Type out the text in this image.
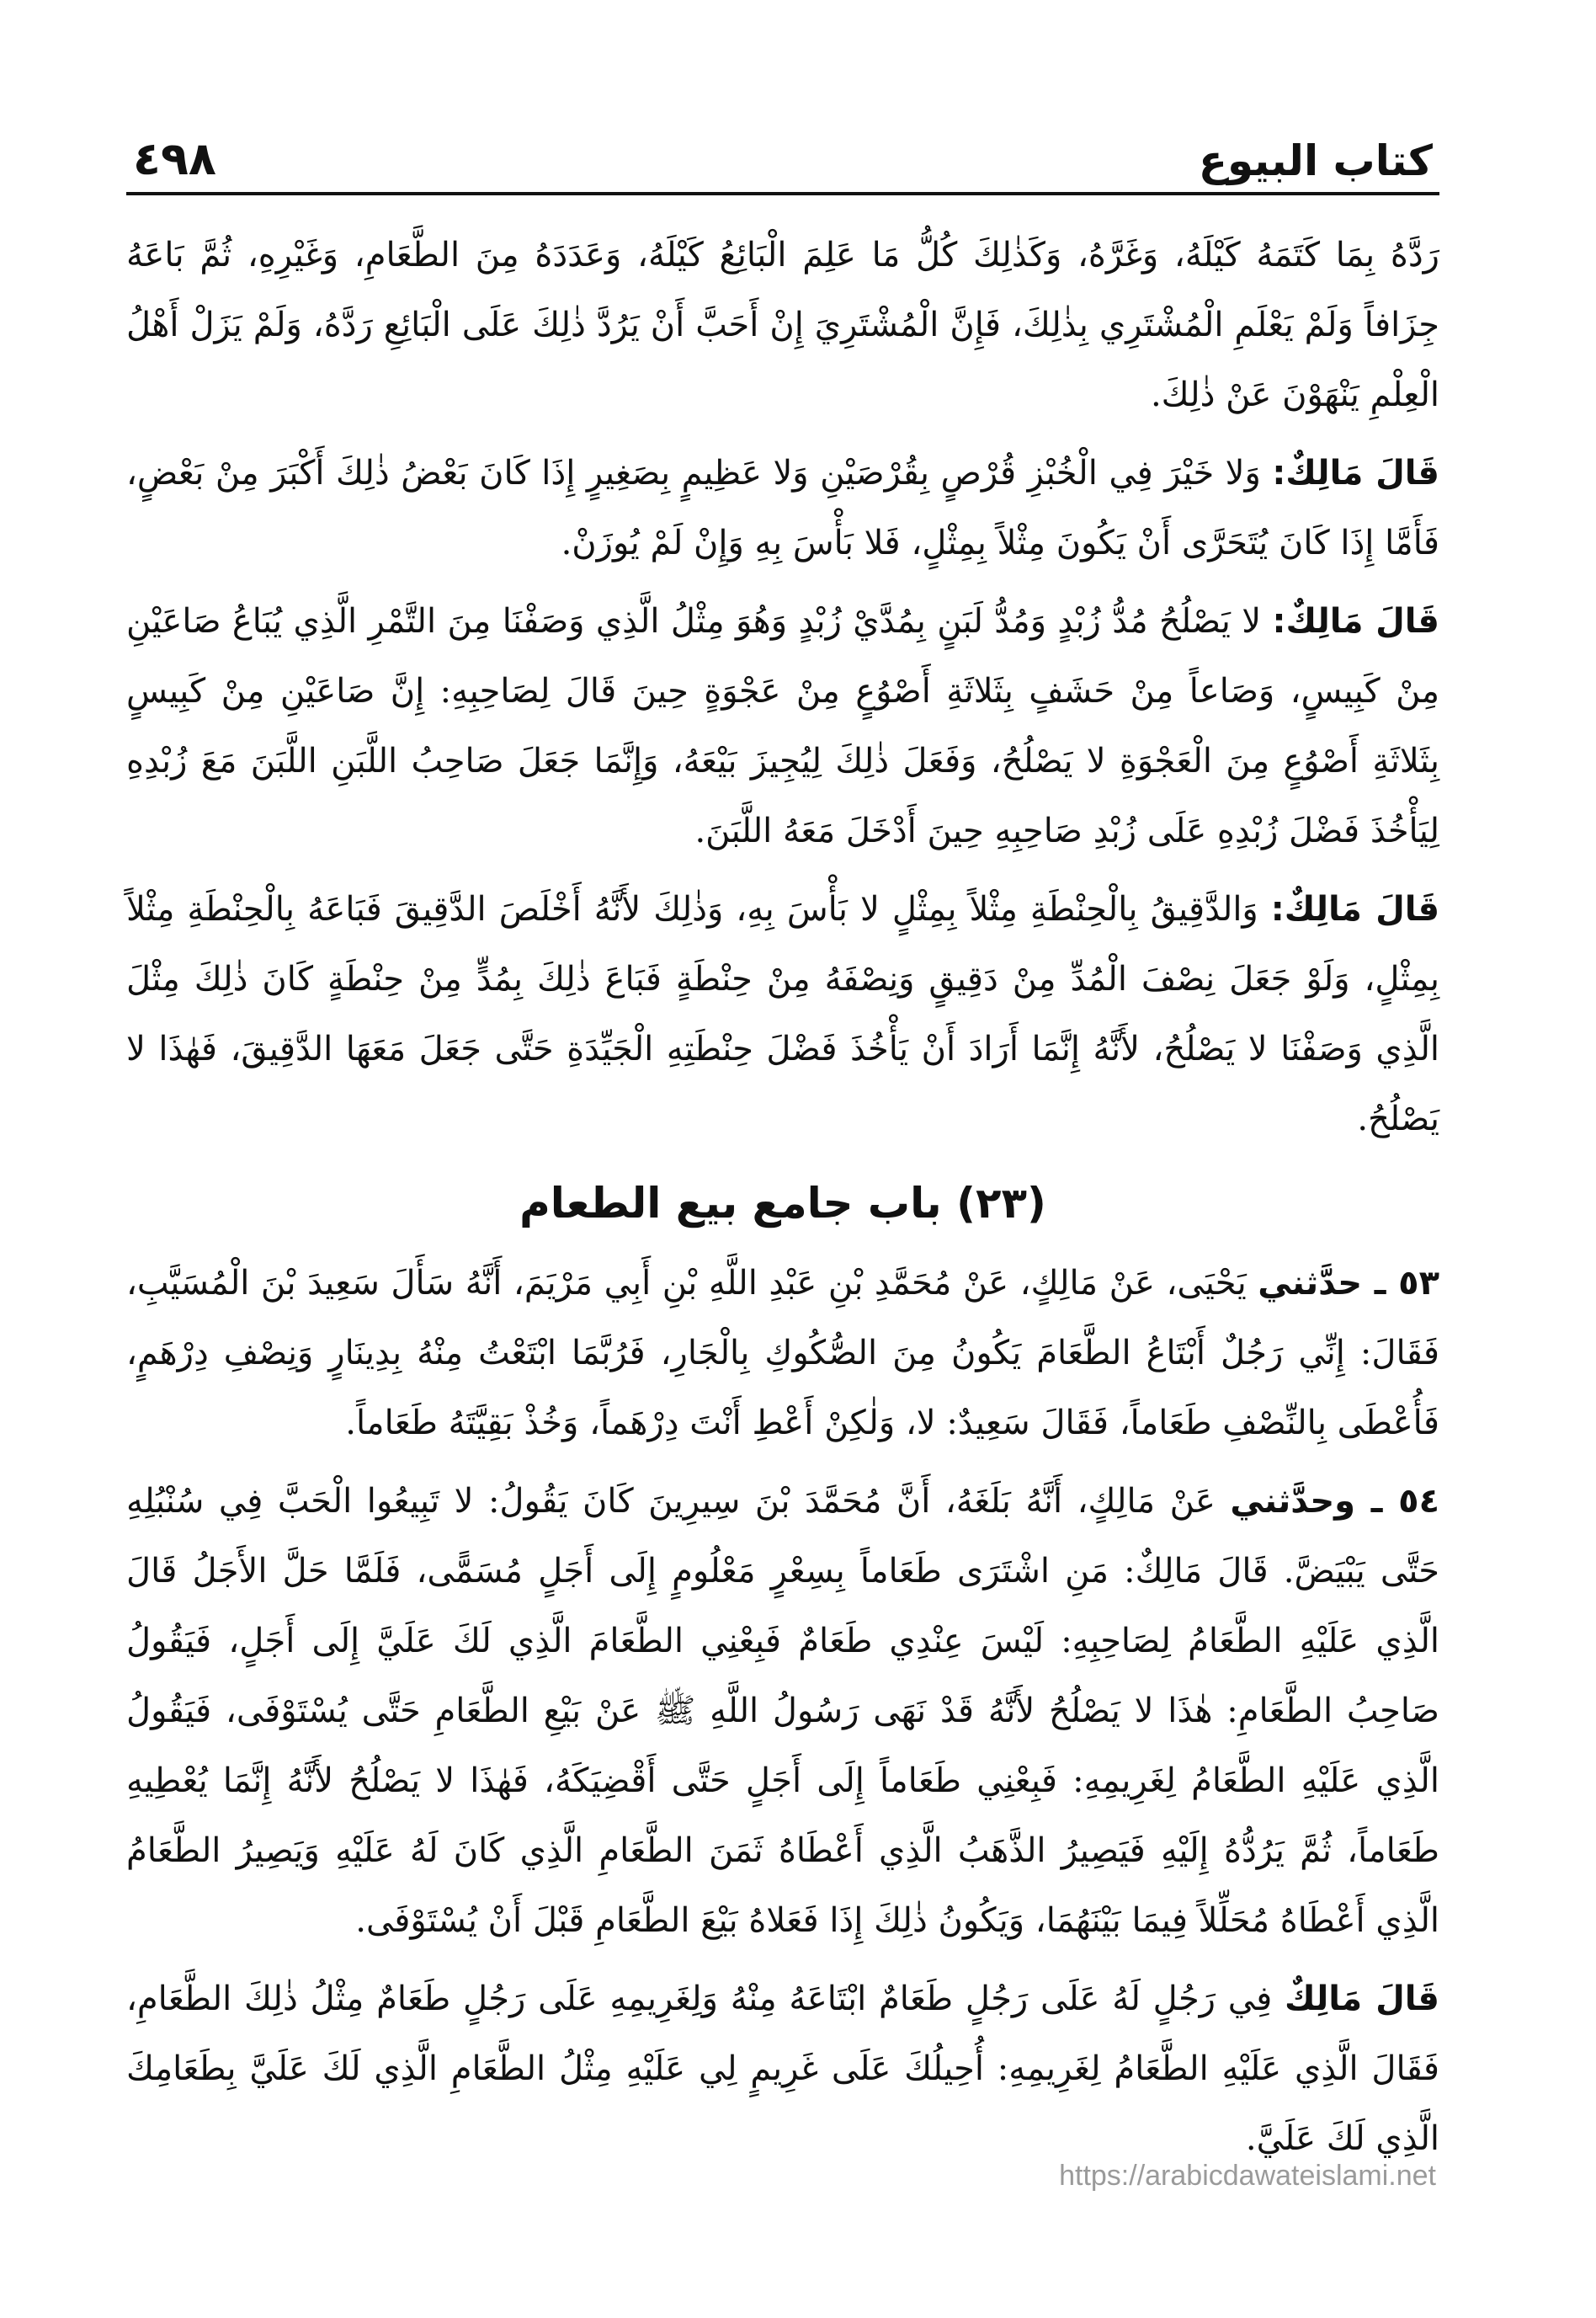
كتاب البيوع
٤٩٨

رَدَّهُ بِمَا كَتَمَهُ كَيْلَهُ، وَغَرَّهُ، وَكَذٰلِكَ كُلُّ مَا عَلِمَ الْبَائِعُ كَيْلَهُ، وَعَدَدَهُ مِنَ الطَّعَامِ، وَغَيْرِهِ، ثُمَّ بَاعَهُ جِزَافاً وَلَمْ يَعْلَمِ الْمُشْتَرِي بِذٰلِكَ، فَإِنَّ الْمُشْتَرِيَ إِنْ أَحَبَّ أَنْ يَرُدَّ ذٰلِكَ عَلَى الْبَائِعِ رَدَّهُ، وَلَمْ يَزَلْ أَهْلُ الْعِلْمِ يَنْهَوْنَ عَنْ ذٰلِكَ.

قَالَ مَالِكٌ: وَلا خَيْرَ فِي الْخُبْزِ قُرْصٍ بِقُرْصَيْنِ وَلا عَظِيمٍ بِصَغِيرٍ إِذَا كَانَ بَعْضُ ذٰلِكَ أَكْبَرَ مِنْ بَعْضٍ، فَأَمَّا إِذَا كَانَ يُتَحَرَّى أَنْ يَكُونَ مِثْلاً بِمِثْلٍ، فَلا بَأْسَ بِهِ وَإِنْ لَمْ يُوزَنْ.

قَالَ مَالِكٌ: لا يَصْلُحُ مُدُّ زُبْدٍ وَمُدُّ لَبَنٍ بِمُدَّيْ زُبْدٍ وَهُوَ مِثْلُ الَّذِي وَصَفْنَا مِنَ التَّمْرِ الَّذِي يُبَاعُ صَاعَيْنِ مِنْ كَبِيسٍ، وَصَاعاً مِنْ حَشَفٍ بِثَلاثَةِ أَصْوُعٍ مِنْ عَجْوَةٍ حِينَ قَالَ لِصَاحِبِهِ: إِنَّ صَاعَيْنِ مِنْ كَبِيسٍ بِثَلاثَةِ أَصْوُعٍ مِنَ الْعَجْوَةِ لا يَصْلُحُ، وَفَعَلَ ذٰلِكَ لِيُجِيزَ بَيْعَهُ، وَإِنَّمَا جَعَلَ صَاحِبُ اللَّبَنِ اللَّبَنَ مَعَ زُبْدِهِ لِيَأْخُذَ فَضْلَ زُبْدِهِ عَلَى زُبْدِ صَاحِبِهِ حِينَ أَدْخَلَ مَعَهُ اللَّبَنَ.

قَالَ مَالِكٌ: وَالدَّقِيقُ بِالْحِنْطَةِ مِثْلاً بِمِثْلٍ لا بَأْسَ بِهِ، وَذٰلِكَ لأَنَّهُ أَخْلَصَ الدَّقِيقَ فَبَاعَهُ بِالْحِنْطَةِ مِثْلاً بِمِثْلٍ، وَلَوْ جَعَلَ نِصْفَ الْمُدِّ مِنْ دَقِيقٍ وَنِصْفَهُ مِنْ حِنْطَةٍ فَبَاعَ ذٰلِكَ بِمُدٍّ مِنْ حِنْطَةٍ كَانَ ذٰلِكَ مِثْلَ الَّذِي وَصَفْنَا لا يَصْلُحُ، لأَنَّهُ إِنَّمَا أَرَادَ أَنْ يَأْخُذَ فَضْلَ حِنْطَتِهِ الْجَيِّدَةِ حَتَّى جَعَلَ مَعَهَا الدَّقِيقَ، فَهٰذَا لا يَصْلُحُ.

(٢٣) باب جامع بيع الطعام

٥٣ ـ حدَّثني يَحْيَى، عَنْ مَالِكٍ، عَنْ مُحَمَّدِ بْنِ عَبْدِ اللَّهِ بْنِ أَبِي مَرْيَمَ، أَنَّهُ سَأَلَ سَعِيدَ بْنَ الْمُسَيَّبِ، فَقَالَ: إِنِّي رَجُلٌ أَبْتَاعُ الطَّعَامَ يَكُونُ مِنَ الصُّكُوكِ بِالْجَارِ، فَرُبَّمَا ابْتَعْتُ مِنْهُ بِدِينَارٍ وَنِصْفِ دِرْهَمٍ، فَأُعْطَى بِالنِّصْفِ طَعَاماً، فَقَالَ سَعِيدٌ: لا، وَلٰكِنْ أَعْطِ أَنْتَ دِرْهَماً، وَخُذْ بَقِيَّتَهُ طَعَاماً.

٥٤ ـ وحدَّثني عَنْ مَالِكٍ، أَنَّهُ بَلَغَهُ، أَنَّ مُحَمَّدَ بْنَ سِيرِينَ كَانَ يَقُولُ: لا تَبِيعُوا الْحَبَّ فِي سُنْبُلِهِ حَتَّى يَبْيَضَّ. قَالَ مَالِكٌ: مَنِ اشْتَرَى طَعَاماً بِسِعْرٍ مَعْلُومٍ إِلَى أَجَلٍ مُسَمًّى، فَلَمَّا حَلَّ الأَجَلُ قَالَ الَّذِي عَلَيْهِ الطَّعَامُ لِصَاحِبِهِ: لَيْسَ عِنْدِي طَعَامٌ فَبِعْنِي الطَّعَامَ الَّذِي لَكَ عَلَيَّ إِلَى أَجَلٍ، فَيَقُولُ صَاحِبُ الطَّعَامِ: هٰذَا لا يَصْلُحُ لأَنَّهُ قَدْ نَهَى رَسُولُ اللَّهِ ﷺ عَنْ بَيْعِ الطَّعَامِ حَتَّى يُسْتَوْفَى، فَيَقُولُ الَّذِي عَلَيْهِ الطَّعَامُ لِغَرِيمِهِ: فَبِعْنِي طَعَاماً إِلَى أَجَلٍ حَتَّى أَقْضِيَكَهُ، فَهٰذَا لا يَصْلُحُ لأَنَّهُ إِنَّمَا يُعْطِيهِ طَعَاماً، ثُمَّ يَرُدُّهُ إِلَيْهِ فَيَصِيرُ الذَّهَبُ الَّذِي أَعْطَاهُ ثَمَنَ الطَّعَامِ الَّذِي كَانَ لَهُ عَلَيْهِ وَيَصِيرُ الطَّعَامُ الَّذِي أَعْطَاهُ مُحَلِّلاً فِيمَا بَيْنَهُمَا، وَيَكُونُ ذٰلِكَ إِذَا فَعَلاهُ بَيْعَ الطَّعَامِ قَبْلَ أَنْ يُسْتَوْفَى.

قَالَ مَالِكٌ فِي رَجُلٍ لَهُ عَلَى رَجُلٍ طَعَامٌ ابْتَاعَهُ مِنْهُ وَلِغَرِيمِهِ عَلَى رَجُلٍ طَعَامٌ مِثْلُ ذٰلِكَ الطَّعَامِ، فَقَالَ الَّذِي عَلَيْهِ الطَّعَامُ لِغَرِيمِهِ: أُحِيلُكَ عَلَى غَرِيمٍ لِي عَلَيْهِ مِثْلُ الطَّعَامِ الَّذِي لَكَ عَلَيَّ بِطَعَامِكَ الَّذِي لَكَ عَلَيَّ.

https://arabicdawateislami.net
